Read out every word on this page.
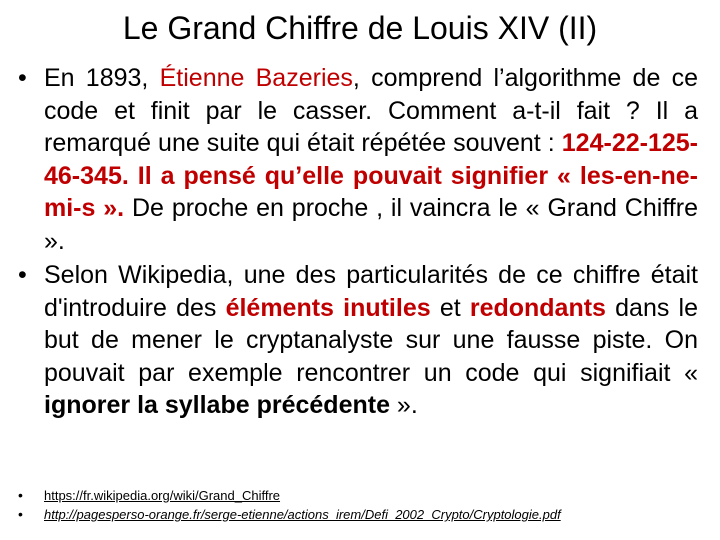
Le Grand Chiffre de Louis XIV (II)
• En 1893, Étienne Bazeries, comprend l’algorithme de ce code et finit par le casser. Comment a-t-il fait ? Il a remarqué une suite qui était répétée souvent : 124-22-125-46-345. Il a pensé qu’elle pouvait signifier « les-en-ne-mi-s ». De proche en proche , il vaincra le « Grand Chiffre ».
• Selon Wikipedia, une des particularités de ce chiffre était d'introduire des éléments inutiles et redondants dans le but de mener le cryptanalyste sur une fausse piste. On pouvait par exemple rencontrer un code qui signifiait « ignorer la syllabe précédente ».
•	https://fr.wikipedia.org/wiki/Grand_Chiffre
•	http://pagesperso-orange.fr/serge-etienne/actions_irem/Defi_2002_Crypto/Cryptologie.pdf
